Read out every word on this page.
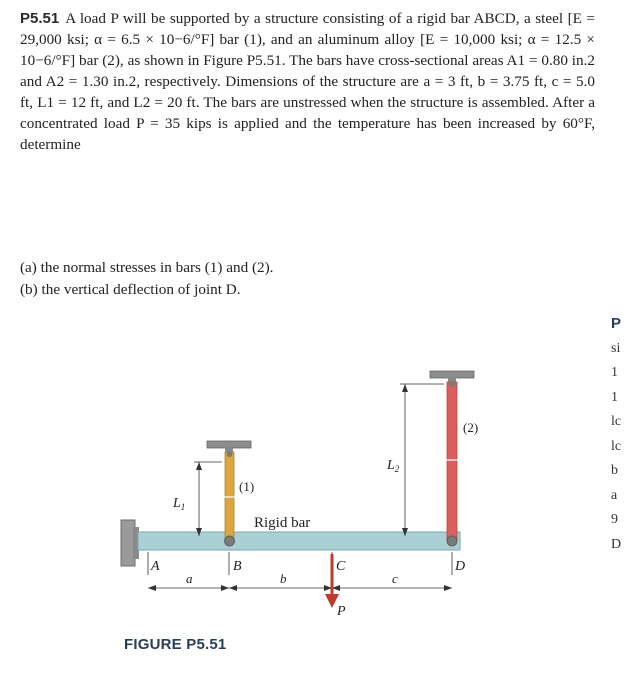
P5.51 A load P will be supported by a structure consisting of a rigid bar ABCD, a steel [E = 29,000 ksi; α = 6.5 × 10−6/°F] bar (1), and an aluminum alloy [E = 10,000 ksi; α = 12.5 × 10−6/°F] bar (2), as shown in Figure P5.51. The bars have cross-sectional areas A1 = 0.80 in.2 and A2 = 1.30 in.2, respectively. Dimensions of the structure are a = 3 ft, b = 3.75 ft, c = 5.0 ft, L1 = 12 ft, and L2 = 20 ft. The bars are unstressed when the structure is assembled. After a concentrated load P = 35 kips is applied and the temperature has been increased by 60°F, determine
(a) the normal stresses in bars (1) and (2).
(b) the vertical deflection of joint D.
P
si
1
1
lc
lc
b
a
9
D
$L_1$
(1)
$L_2$
(2)
Rigid bar
A	B	C	D
a	b	c
P
FIGURE P5.51
